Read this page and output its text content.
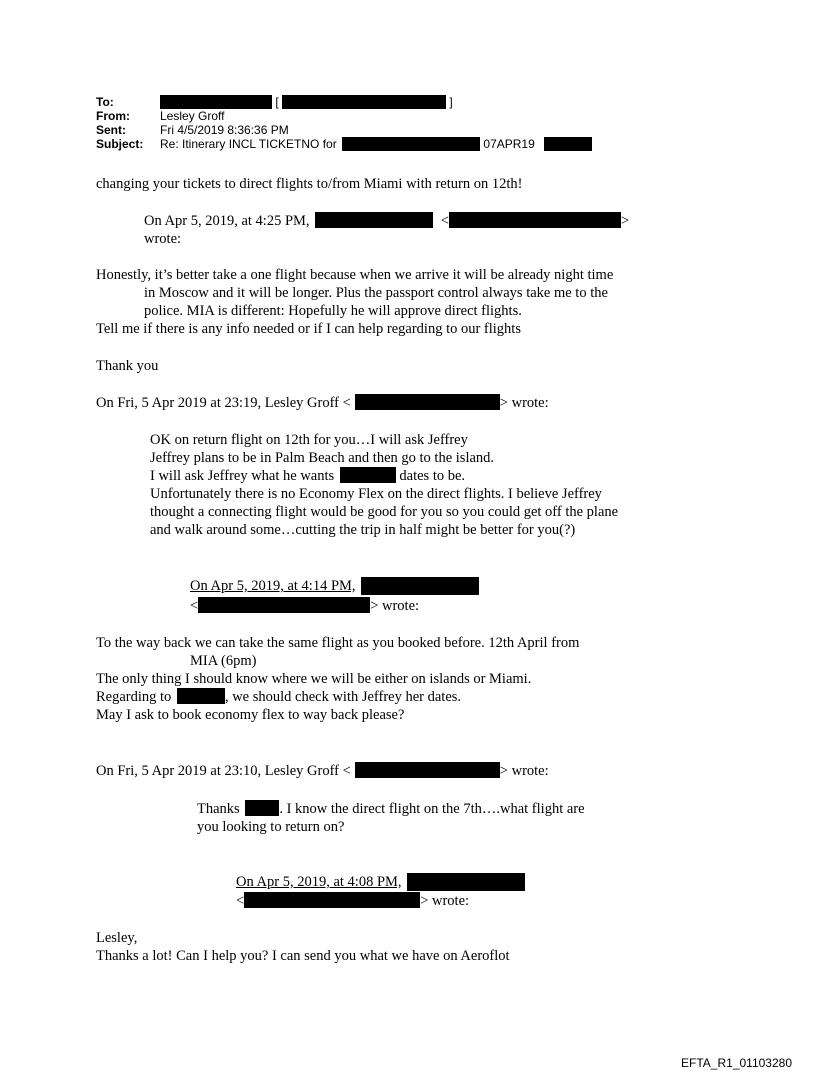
To:	[	]
From:	Lesley Groff
Sent:	Fri 4/5/2019 8:36:36 PM
Subject: Re: Itinerary INCL TICKETNO for	07APR19
changing your tickets to direct flights to/from Miami with return on 12th!
On Apr 5, 2019, at 4:25 PM,	<	>
wrote:
Honestly, it’s better take a one flight because when we arrive it will be already night time
in Moscow and it will be longer. Plus the passport control always take me to the
police. MIA is different: Hopefully he will approve direct flights.
Tell me if there is any info needed or if I can help regarding to our flights
Thank you
On Fri, 5 Apr 2019 at 23:19, Lesley Groff <	> wrote:
OK on return flight on 12th for you…I will ask Jeffrey
Jeffrey plans to be in Palm Beach and then go to the island.
I will ask Jeffrey what he wants	dates to be.
Unfortunately there is no Economy Flex on the direct flights. I believe Jeffrey
thought a connecting flight would be good for you so you could get off the plane
and walk around some…cutting the trip in half might be better for you(?)
On Apr 5, 2019, at 4:14 PM,
<	> wrote:
To the way back we can take the same flight as you booked before. 12th April from
MIA (6pm)
The only thing I should know where we will be either on islands or Miami.
Regarding to	, we should check with Jeffrey her dates.
May I ask to book economy flex to way back please?
On Fri, 5 Apr 2019 at 23:10, Lesley Groff <	> wrote:
Thanks	. I know the direct flight on the 7th….what flight are
you looking to return on?
On Apr 5, 2019, at 4:08 PM,
<	> wrote:
Lesley,
Thanks a lot! Can I help you? I can send you what we have on Aeroflot
EFTA_R1_01103280
